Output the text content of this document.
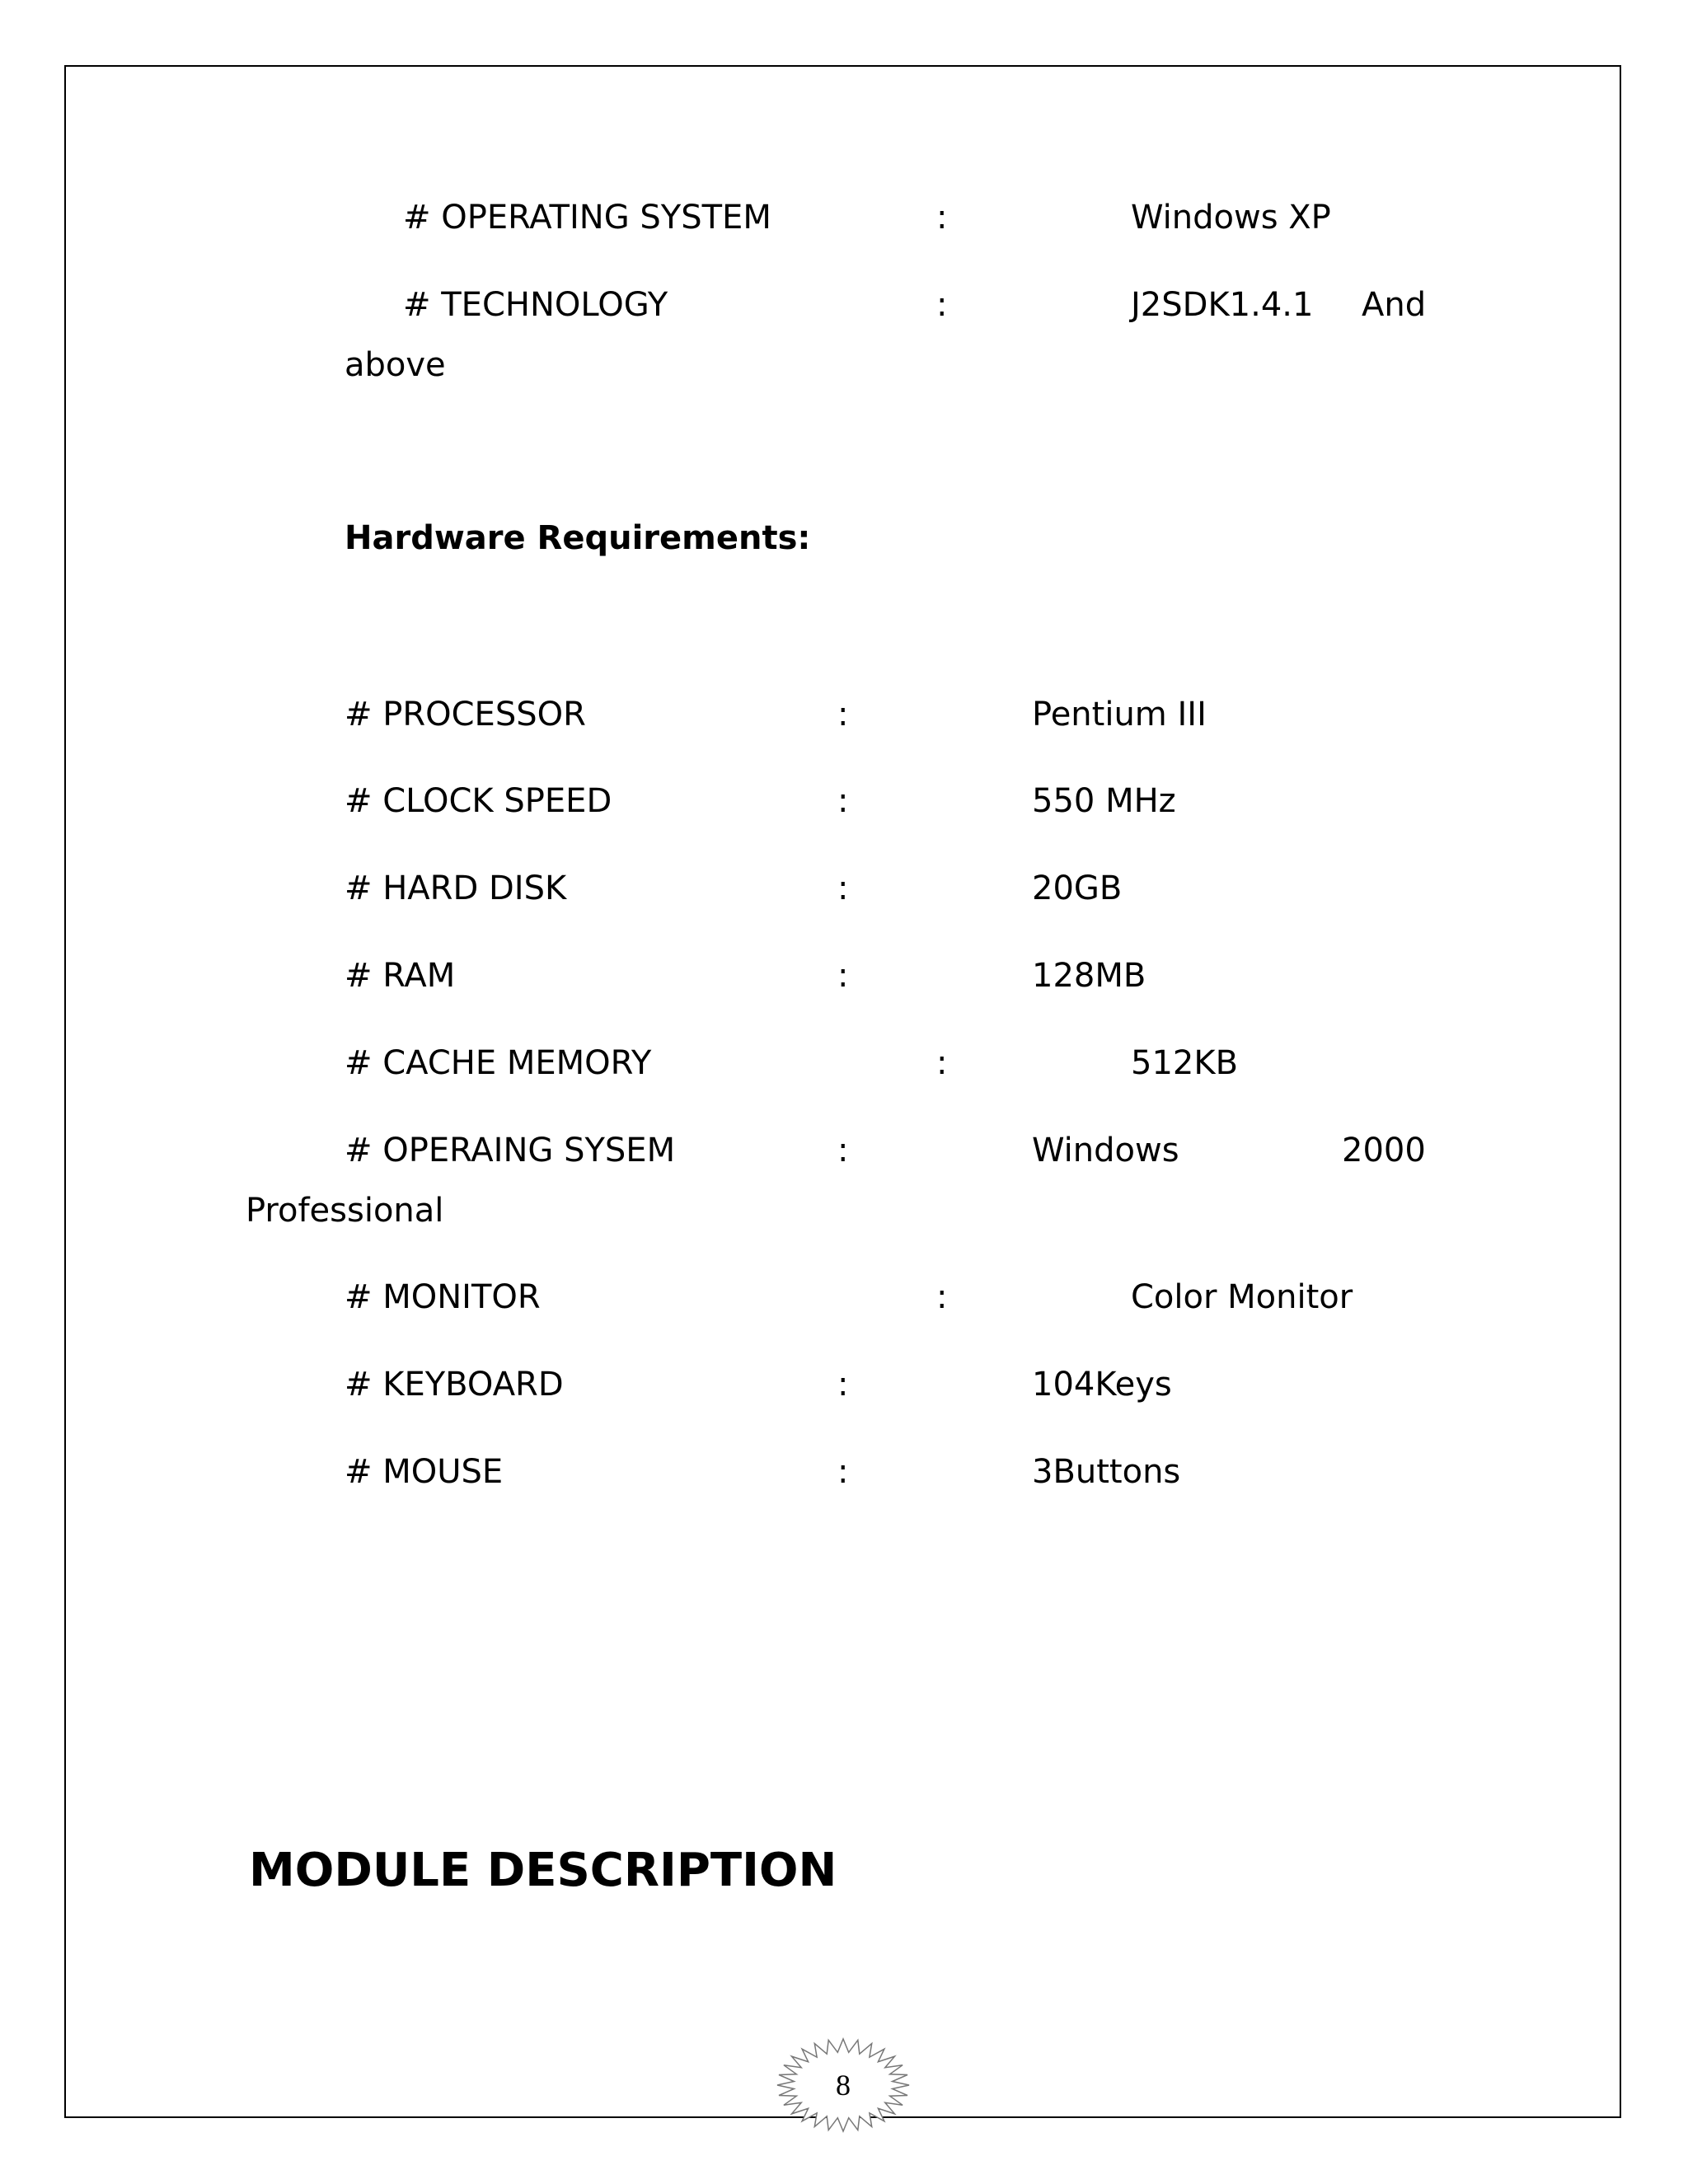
# OPERATING SYSTEM	:	Windows XP

# TECHNOLOGY	:	J2SDK1.4.1 And

above

Hardware Requirements:

# PROCESSOR	:	Pentium III

# CLOCK SPEED	:	550 MHz

# HARD DISK	:	20GB

# RAM	:	128MB

# CACHE MEMORY	:	512KB

# OPERAING SYSEM	:	Windows	2000

Professional

# MONITOR	:	Color Monitor

# KEYBOARD	:	104Keys

# MOUSE	:	3Buttons

MODULE DESCRIPTION
8
